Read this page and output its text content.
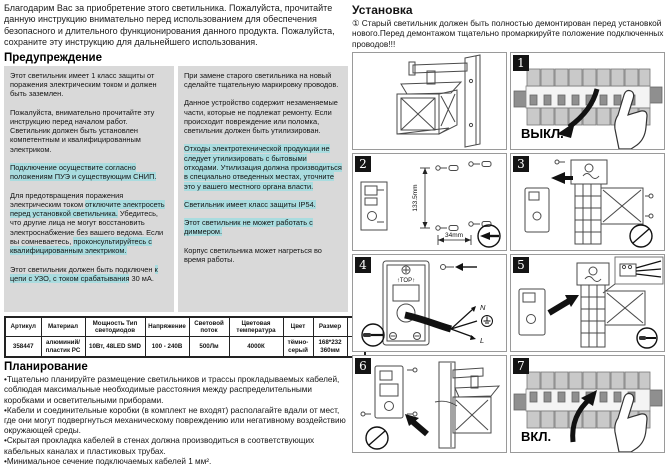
Благодарим Вас за приобретение этого светильника. Пожалуйста, прочитайте данную инструкцию внимательно перед использованием для обеспечения безопасного и длительного функционирования данного продукта. Пожалуйста, сохраните эту инструкцию для дальнейшего использования.

Предупреждение

Этот светильник имеет 1 класс защиты от поражения электрическим током и должен быть заземлен.

Пожалуйста, внимательно прочитайте эту инструкцию перед началом работ. Светильник должен быть установлен компетентным и квалифицированным электриком.

Подключение осуществите согласно положениям ПУЭ и существующим СНИП.

Для предотвращения поражения электрическим током отключите электросеть перед установкой светильника. Убедитесь, что другие лица не могут восстановить электроснабжение без вашего ведома. Если вы сомневаетесь, проконсультируйтесь с квалифицированным электриком.

Этот светильник должен быть подключен к цепи с УЗО, с током срабатывания 30 мА.

При замене старого светильника на новый сделайте тщательную маркировку проводов.

Данное устройство содержит незаменяемые части, которые не подлежат ремонту. Если происходит повреждение или поломка, светильник должен быть утилизирован.

Отходы электротехнической продукции не следует утилизировать с бытовыми отходами. Утилизация должна производиться в специально отведенных местах, уточните это у вашего местного органа власти.

Светильник имеет класс защиты IP54.

Этот светильник не может работать с диммером.

Корпус светильника может нагреться во время работы.

Артикул	Материал	Мощность Тип светодиодов	Напряжение	Световой поток	Цветовая температура	Цвет	Размер	
358447	алюминий/ пластик PC	10Вт, 48LED SMD	100 - 240В	500Лм	4000К	тёмно-серый	168*232 360мм	
Планирование

•Тщательно планируйте размещение светильников и трассы прокладываемых кабелей, соблюдая максимальные необходимые расстояния между распределительными коробками и осветительными приборами.

•Кабели и соединительные коробки (в комплект не входят) располагайте вдали от мест, где они могут подвергнуться механическому повреждению или негативному воздействию окружающей среды.

•Скрытая прокладка кабелей в стенах должна производиться в соответствующих кабельных каналах и пластиковых трубах.

•Минимальное сечение подключаемых кабелей 1 мм².

Установка

① Старый светильник должен быть полностью демонтирован перед установкой нового.Перед демонтажом тщательно промаркируйте положение подключенных проводов!!!

1
ВЫКЛ.
2
133.5mm
34mm
3
4
↑TOP↑
N
L
5
6	7
ВКЛ.
